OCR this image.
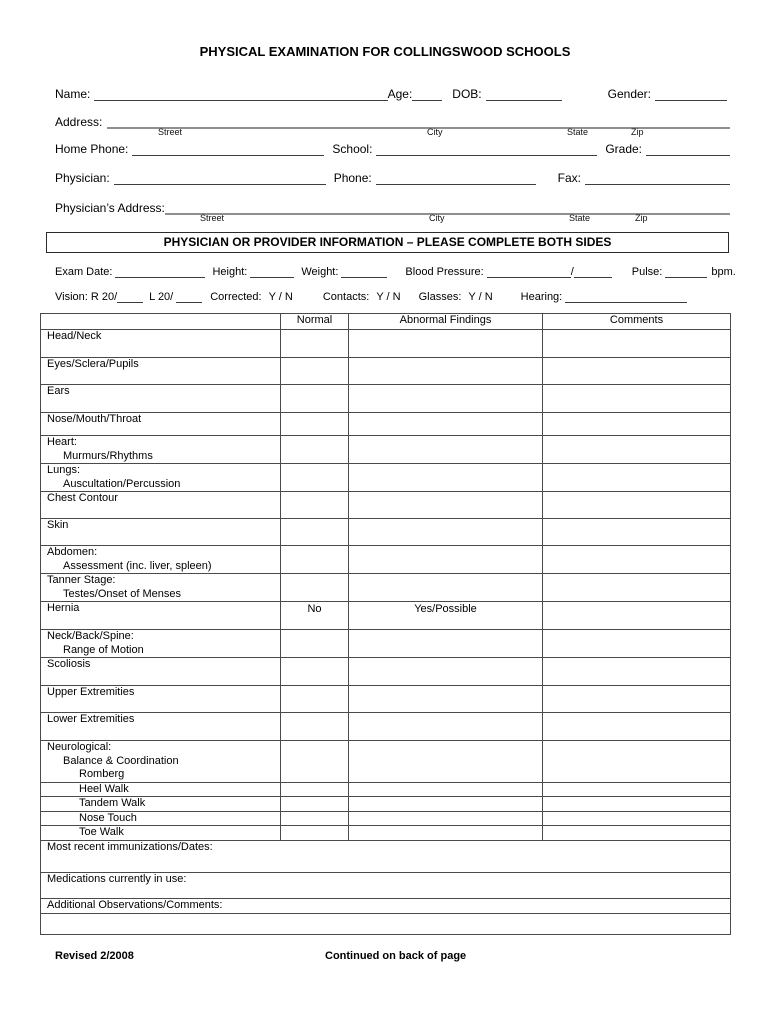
PHYSICAL EXAMINATION FOR COLLINGSWOOD SCHOOLS
Name:	Age:	DOB:	Gender:
Address:
Street	City	State	Zip
Home Phone:	School:	Grade:
Physician:	Phone:	Fax:
Physician’s Address:
Street	City	State	Zip
PHYSICIAN OR PROVIDER INFORMATION – PLEASE COMPLETE BOTH SIDES
Exam Date:	Height:	Weight:	Blood Pressure:	/	Pulse:	bpm.
Vision: R 20/	L 20/	Corrected: Y / N	Contacts: Y / N Glasses: Y / N	Hearing:
	Normal	Abnormal Findings	Comments

Head/Neck			

Eyes/Sclera/Pupils			

Ears			

Nose/Mouth/Throat			

Heart:
Murmurs/Rhythms			

Lungs:
Auscultation/Percussion			

Chest Contour			

Skin			

Abdomen:
Assessment (inc. liver, spleen)			

Tanner Stage:
Testes/Onset of Menses			

Hernia	No	Yes/Possible	

Neck/Back/Spine:
Range of Motion			

Scoliosis			

Upper Extremities			

Lower Extremities			

Neurological:
Balance & Coordination
Romberg			

Heel Walk			

Tandem Walk			

Nose Touch			

Toe Walk			

Most recent immunizations/Dates:			

Medications currently in use:			

Additional Observations/Comments:			

Revised 2/2008	Continued on back of page
